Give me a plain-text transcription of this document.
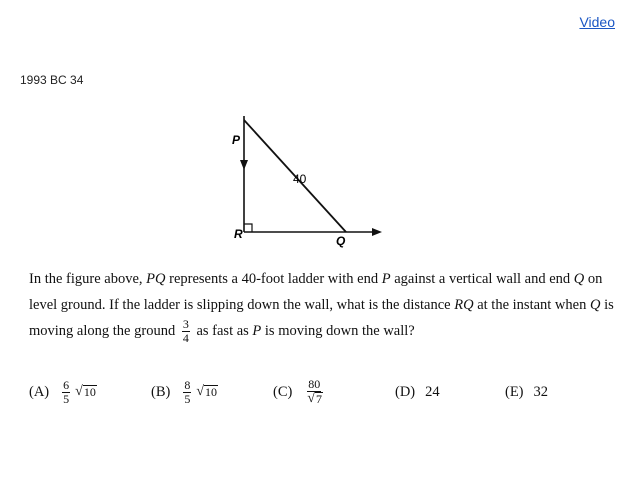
Video
1993 BC 34
P
R	Q
40
In the figure above, PQ represents a 40-foot ladder with end P against a vertical wall and end Q on level ground. If the ladder is slipping down the wall, what is the distance RQ at the instant when Q is moving along the ground $\frac{3}{4}$ as fast as P is moving down the wall?
$(A) \frac{6}{5}$ √ 10	$(B) \frac{8}{5}$ √ 10	$(C) \frac{80}{√ 7}$	(D) 24	(E) 32
